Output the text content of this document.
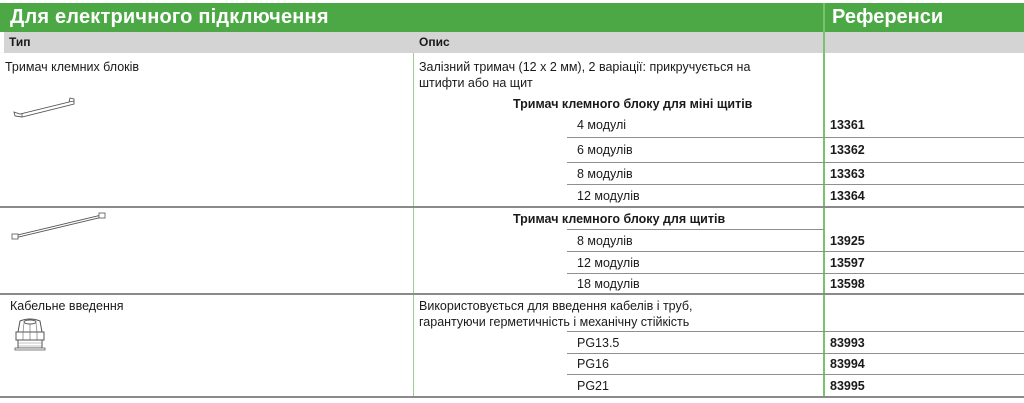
Для електричного підключення	Референси
Тип	Опис
Тримач клемних блоків	Залізний тримач (12 x 2 мм), 2 варіації: прикручується на
штифти або на щит
Тримач клемного блоку для міні щитів
4 модулі	13361
6 модулів	13362
8 модулів	13363
12 модулів	13364
Тримач клемного блоку для щитів
8 модулів	13925
12 модулів	13597
18 модулів	13598
Кабельне введення	Використовується для введення кабелів і труб,
гарантуючи герметичність і механічну стійкість
PG13.5	83993
PG16	83994
PG21	83995
